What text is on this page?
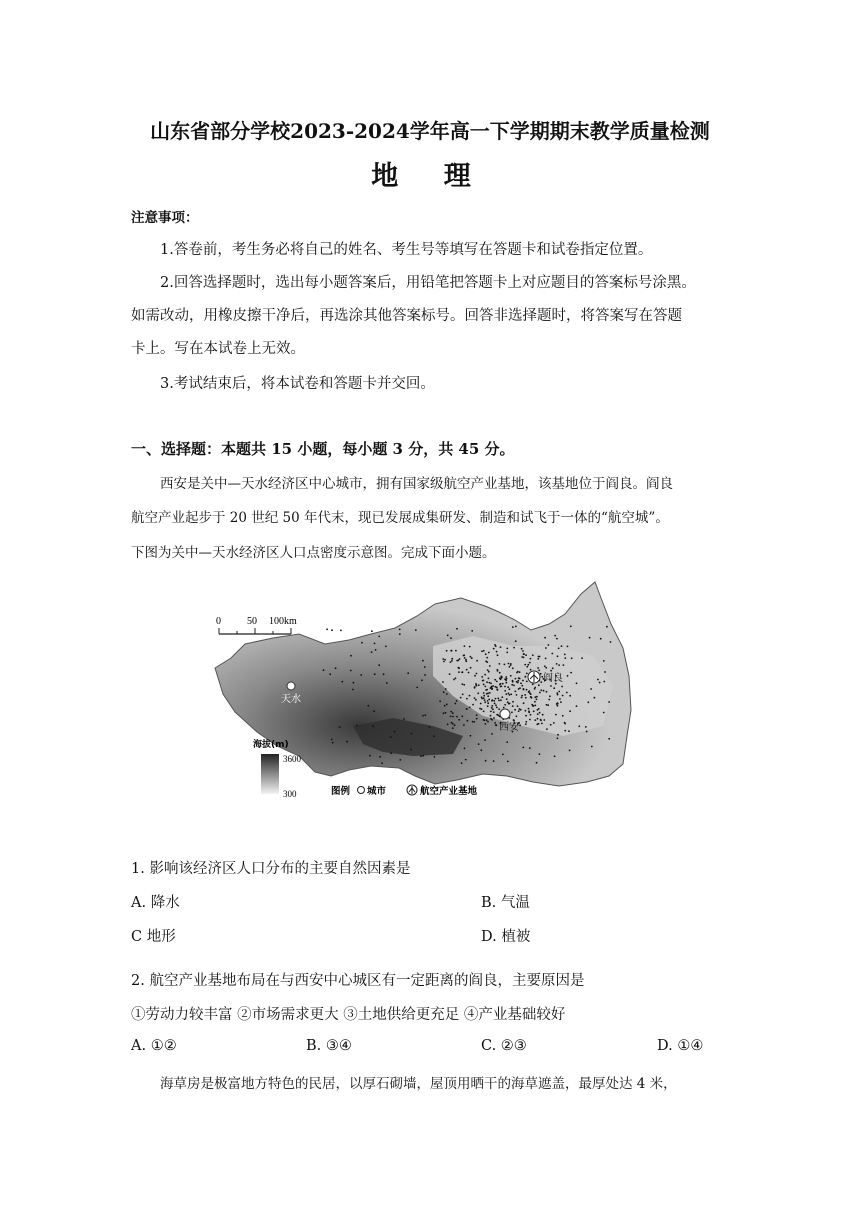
山东省部分学校2023-2024学年高一下学期期末教学质量检测
地 理
注意事项：
1.答卷前，考生务必将自己的姓名、考生号等填写在答题卡和试卷指定位置。
2.回答选择题时，选出每小题答案后，用铅笔把答题卡上对应题目的答案标号涂黑。
如需改动，用橡皮擦干净后，再选涂其他答案标号。回答非选择题时，将答案写在答题
卡上。写在本试卷上无效。
3.考试结束后，将本试卷和答题卡并交回。
一、选择题：本题共 15 小题，每小题 3 分，共 45 分。
西安是关中—天水经济区中心城市，拥有国家级航空产业基地，该基地位于阎良。阎良
航空产业起步于 20 世纪 50 年代末，现已发展成集研发、制造和试飞于一体的“航空城”。
下图为关中—天水经济区人口点密度示意图。完成下面小题。
0	50 100km
天水
西安
阎良
海拔(m)
3600
300	图例 城市	航空产业基地
1. 影响该经济区人口分布的主要自然因素是
A. 降水	B. 气温
C 地形	D. 植被
2. 航空产业基地布局在与西安中心城区有一定距离的阎良，主要原因是
①劳动力较丰富 ②市场需求更大 ③土地供给更充足 ④产业基础较好
A. ①②	B. ③④	C. ②③	D. ①④
海草房是极富地方特色的民居，以厚石砌墙，屋顶用晒干的海草遮盖，最厚处达 4 米，
